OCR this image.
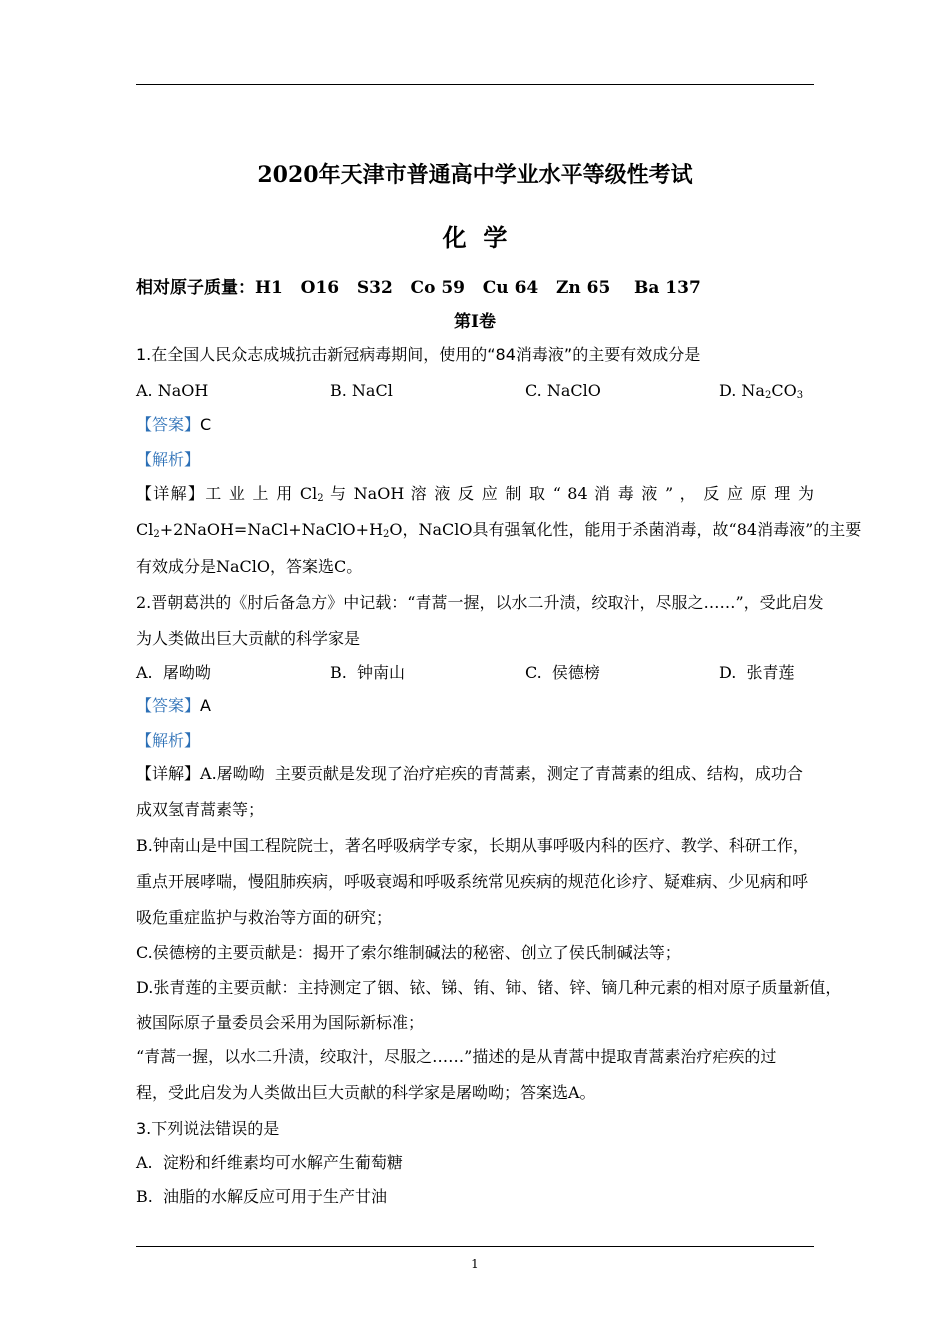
2020年天津市普通高中学业水平等级性考试
化  学
相对原子质量：H1   O16   S32   Co 59   Cu 64   Zn 65    Ba 137
第Ⅰ卷
1.在全国人民众志成城抗击新冠病毒期间，使用的“84消毒液”的主要有效成分是
A. NaOH	B. NaCl	C. NaClO	D. $Na_2CO_3$
【答案】C
【解析】
【详解】工 业 上 用 $Cl_2$ 与 NaOH 溶 液 反 应 制 取 “ 84 消 毒 液 ” ， 反 应 原 理 为
$Cl_2+2NaOH=NaCl+NaClO+H_2O$，NaClO具有强氧化性，能用于杀菌消毒，故“84消毒液”的主要
有效成分是NaClO，答案选C。
2.晋朝葛洪的《肘后备急方》中记载：“青蒿一握，以水二升渍，绞取汁，尽服之……”，受此启发
为人类做出巨大贡献的科学家是
A.  屠呦呦	B.  钟南山	C.  侯德榜	D.  张青莲
【答案】A
【解析】
【详解】A.屠呦呦  主要贡献是发现了治疗疟疾的青蒿素，测定了青蒿素的组成、结构，成功合
成双氢青蒿素等；
B.钟南山是中国工程院院士，著名呼吸病学专家，长期从事呼吸内科的医疗、教学、科研工作，
重点开展哮喘，慢阻肺疾病，呼吸衰竭和呼吸系统常见疾病的规范化诊疗、疑难病、少见病和呼
吸危重症监护与救治等方面的研究；
C.侯德榜的主要贡献是：揭开了索尔维制碱法的秘密、创立了侯氏制碱法等；
D.张青莲的主要贡献：主持测定了铟、铱、锑、铕、铈、锗、锌、镝几种元素的相对原子质量新值，
被国际原子量委员会采用为国际新标准；
“青蒿一握，以水二升渍，绞取汁，尽服之……”描述的是从青蒿中提取青蒿素治疗疟疾的过
程，受此启发为人类做出巨大贡献的科学家是屠呦呦；答案选A。
3.下列说法错误的是
A.  淀粉和纤维素均可水解产生葡萄糖
B.  油脂的水解反应可用于生产甘油
1
